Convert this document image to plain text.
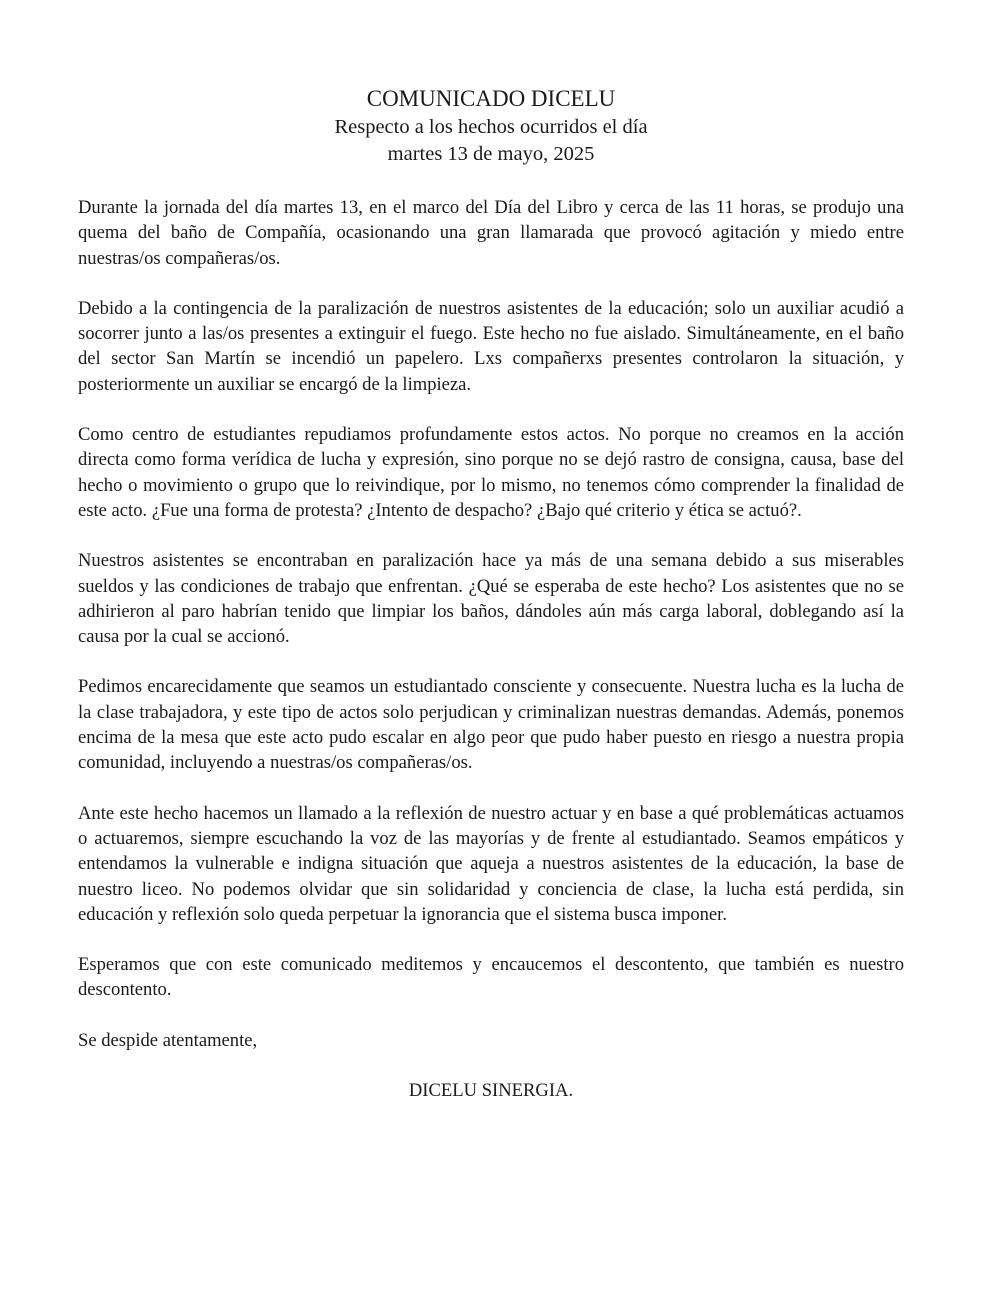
COMUNICADO DICELU

Respecto a los hechos ocurridos el día

martes 13 de mayo, 2025

Durante la jornada del día martes 13, en el marco del Día del Libro y cerca de las 11 horas, se produjo una quema del baño de Compañía, ocasionando una gran llamarada que provocó agitación y miedo entre nuestras/os compañeras/os.

Debido a la contingencia de la paralización de nuestros asistentes de la educación; solo un auxiliar acudió a socorrer junto a las/os presentes a extinguir el fuego. Este hecho no fue aislado. Simultáneamente, en el baño del sector San Martín se incendió un papelero. Lxs compañerxs presentes controlaron la situación, y posteriormente un auxiliar se encargó de la limpieza.

Como centro de estudiantes repudiamos profundamente estos actos. No porque no creamos en la acción directa como forma verídica de lucha y expresión, sino porque no se dejó rastro de consigna, causa, base del hecho o movimiento o grupo que lo reivindique, por lo mismo, no tenemos cómo comprender la finalidad de este acto. ¿Fue una forma de protesta? ¿Intento de despacho? ¿Bajo qué criterio y ética se actuó?.

Nuestros asistentes se encontraban en paralización hace ya más de una semana debido a sus miserables sueldos y las condiciones de trabajo que enfrentan. ¿Qué se esperaba de este hecho? Los asistentes que no se adhirieron al paro habrían tenido que limpiar los baños, dándoles aún más carga laboral, doblegando así la causa por la cual se accionó.

Pedimos encarecidamente que seamos un estudiantado consciente y consecuente. Nuestra lucha es la lucha de la clase trabajadora, y este tipo de actos solo perjudican y criminalizan nuestras demandas. Además, ponemos encima de la mesa que este acto pudo escalar en algo peor que pudo haber puesto en riesgo a nuestra propia comunidad, incluyendo a nuestras/os compañeras/os.

Ante este hecho hacemos un llamado a la reflexión de nuestro actuar y en base a qué problemáticas actuamos o actuaremos, siempre escuchando la voz de las mayorías y de frente al estudiantado. Seamos empáticos y entendamos la vulnerable e indigna situación que aqueja a nuestros asistentes de la educación, la base de nuestro liceo. No podemos olvidar que sin solidaridad y conciencia de clase, la lucha está perdida, sin educación y reflexión solo queda perpetuar la ignorancia que el sistema busca imponer.

Esperamos que con este comunicado meditemos y encaucemos el descontento, que también es nuestro descontento.

Se despide atentamente,

DICELU SINERGIA.
